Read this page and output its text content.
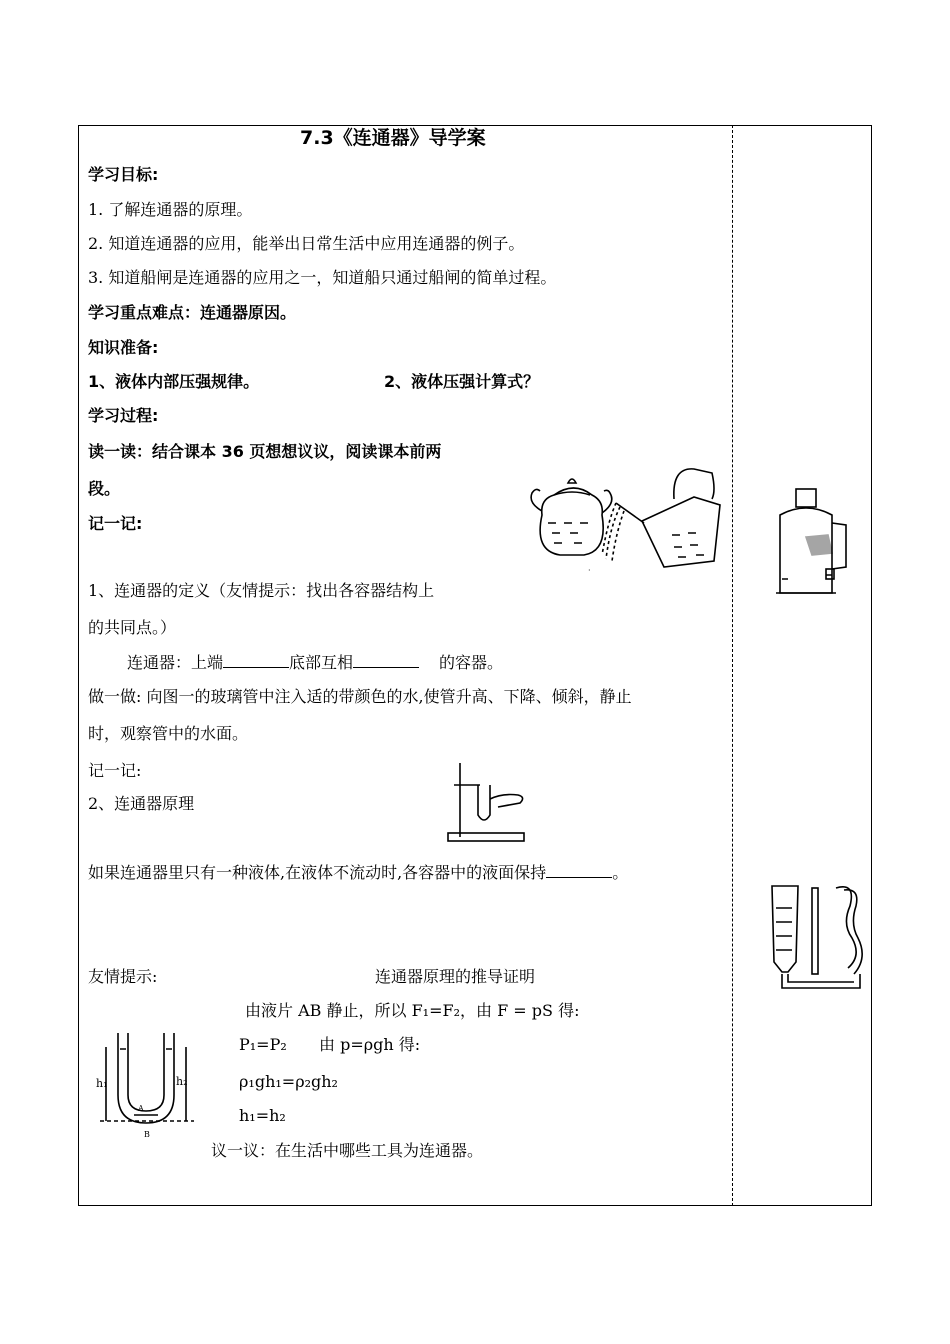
7.3《连通器》导学案
学习目标:
1. 了解连通器的原理。
2. 知道连通器的应用，能举出日常生活中应用连通器的例子。
3. 知道船闸是连通器的应用之一，知道船只通过船闸的简单过程。
学习重点难点：连通器原因。
知识准备:
1、液体内部压强规律。	2、液体压强计算式？
学习过程:
读一读：结合课本 36 页想想议议，阅读课本前两
段。
记一记:
1、连通器的定义（友情提示：找出各容器结构上
的共同点。）
连通器：上端	底部互相	的容器。
做一做: 向图一的玻璃管中注入适的带颜色的水,使管升高、下降、倾斜，静止
时，观察管中的水面。
记一记:
2、连通器原理
如果连通器里只有一种液体,在液体不流动时,各容器中的液面保持	。
友情提示:	连通器原理的推导证明
由液片 AB 静止，所以 F₁=F₂，由 F = pS 得:
P₁=P₂ 由 p=ρgh 得:
ρ₁gh₁=ρ₂gh₂
h₁=h₂
议一议：在生活中哪些工具为连通器。
·
h₁	h₂
A
B
